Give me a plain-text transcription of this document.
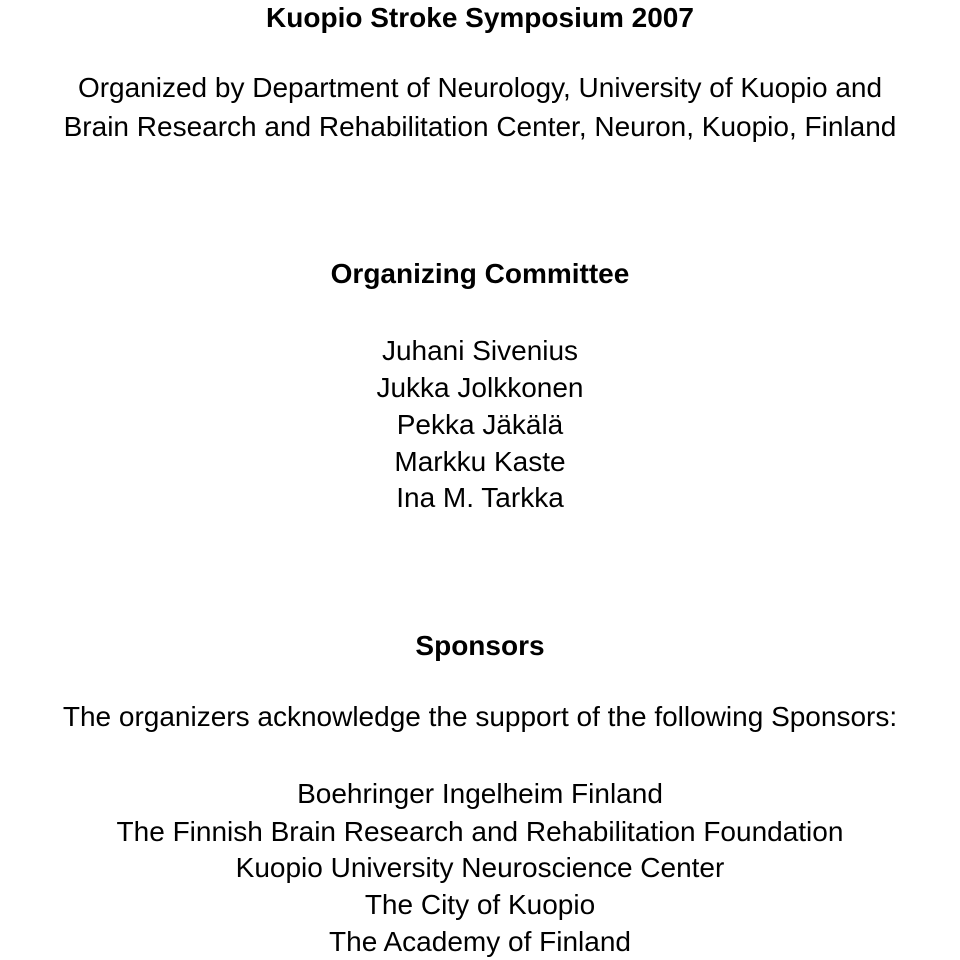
Kuopio Stroke Symposium 2007
Organized by Department of Neurology, University of Kuopio and
Brain Research and Rehabilitation Center, Neuron, Kuopio, Finland
Organizing Committee
Juhani Sivenius
Jukka Jolkkonen
Pekka Jäkälä
Markku Kaste
Ina M. Tarkka
Sponsors
The organizers acknowledge the support of the following Sponsors:
Boehringer Ingelheim Finland
The Finnish Brain Research and Rehabilitation Foundation
Kuopio University Neuroscience Center
The City of Kuopio
The Academy of Finland
